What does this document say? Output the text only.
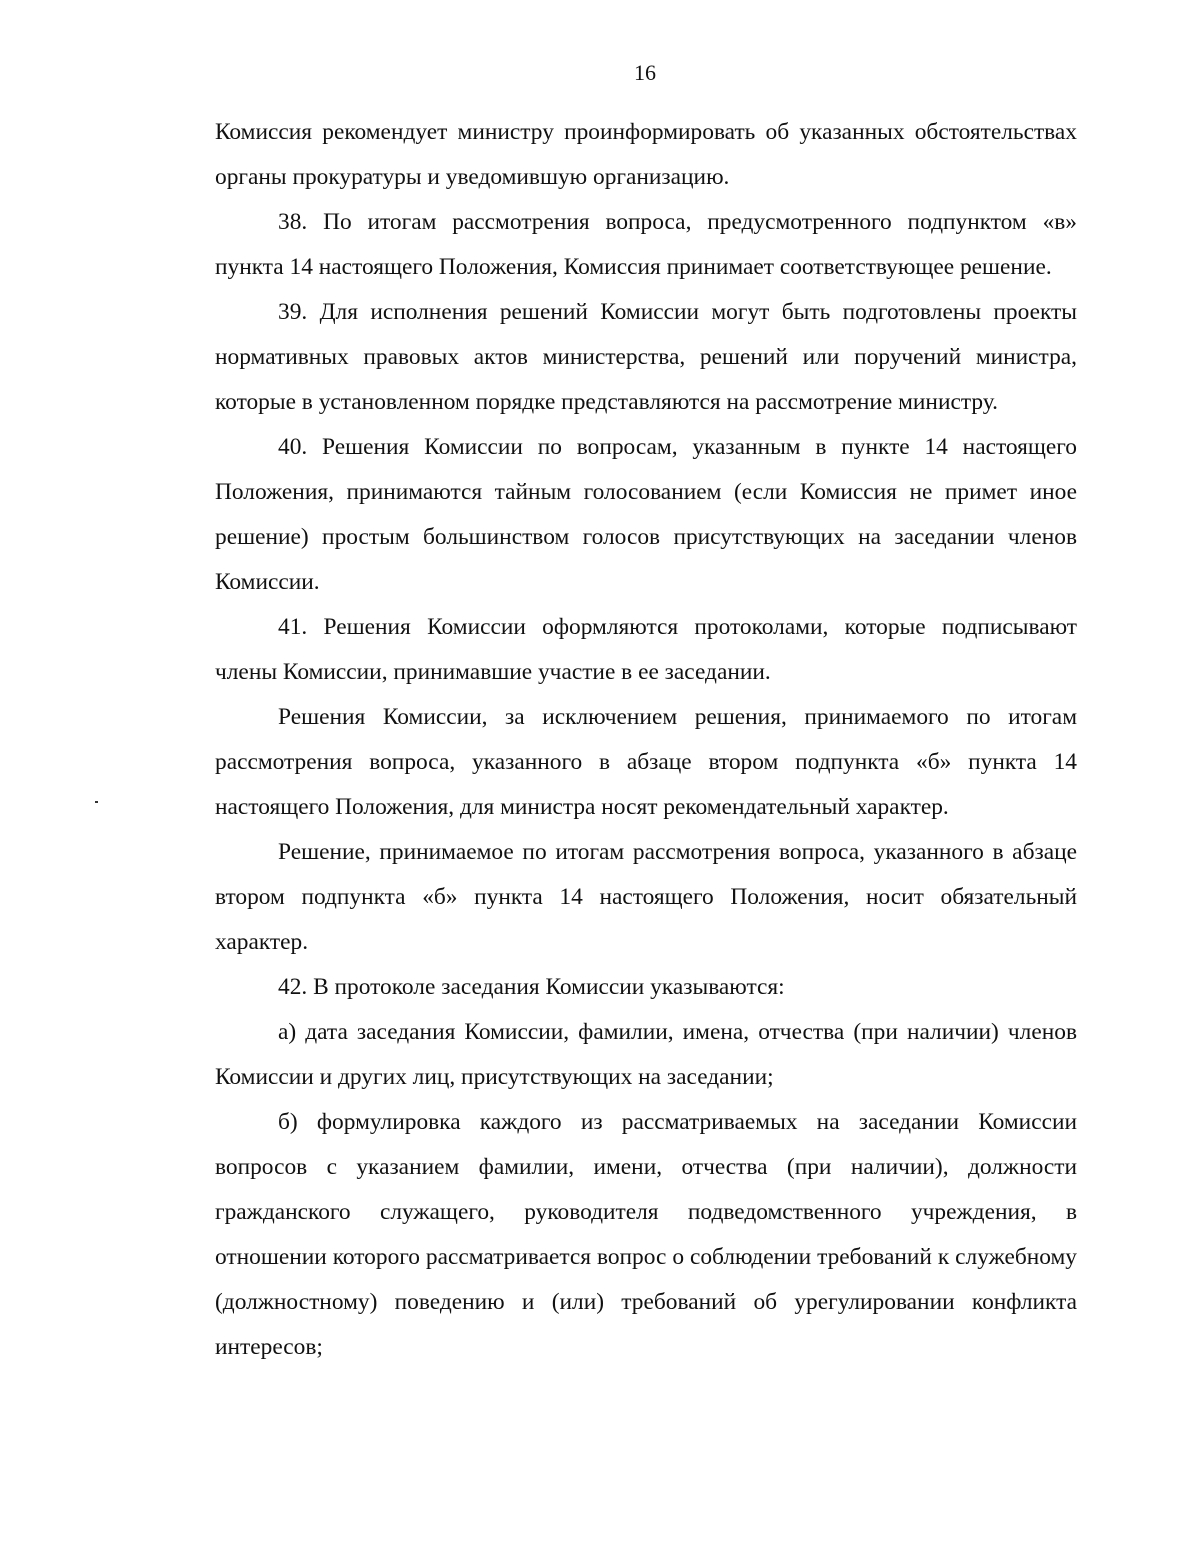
16

Комиссия рекомендует министру проинформировать об указанных обстоятельствах органы прокуратуры и уведомившую организацию.

38. По итогам рассмотрения вопроса, предусмотренного подпунктом «в» пункта 14 настоящего Положения, Комиссия принимает соответствующее решение.

39. Для исполнения решений Комиссии могут быть подготовлены проекты нормативных правовых актов министерства, решений или поручений министра, которые в установленном порядке представляются на рассмотрение министру.

40. Решения Комиссии по вопросам, указанным в пункте 14 настоящего Положения, принимаются тайным голосованием (если Комиссия не примет иное решение) простым большинством голосов присутствующих на заседании членов Комиссии.

41. Решения Комиссии оформляются протоколами, которые подписывают члены Комиссии, принимавшие участие в ее заседании.

Решения Комиссии, за исключением решения, принимаемого по итогам рассмотрения вопроса, указанного в абзаце втором подпункта «б» пункта 14 настоящего Положения, для министра носят рекомендательный характер.

Решение, принимаемое по итогам рассмотрения вопроса, указанного в абзаце втором подпункта «б» пункта 14 настоящего Положения, носит обязательный характер.

42. В протоколе заседания Комиссии указываются:

а) дата заседания Комиссии, фамилии, имена, отчества (при наличии) членов Комиссии и других лиц, присутствующих на заседании;

б) формулировка каждого из рассматриваемых на заседании Комиссии вопросов с указанием фамилии, имени, отчества (при наличии), должности гражданского служащего, руководителя подведомственного учреждения, в отношении которого рассматривается вопрос о соблюдении требований к служебному (должностному) поведению и (или) требований об урегулировании конфликта интересов;
